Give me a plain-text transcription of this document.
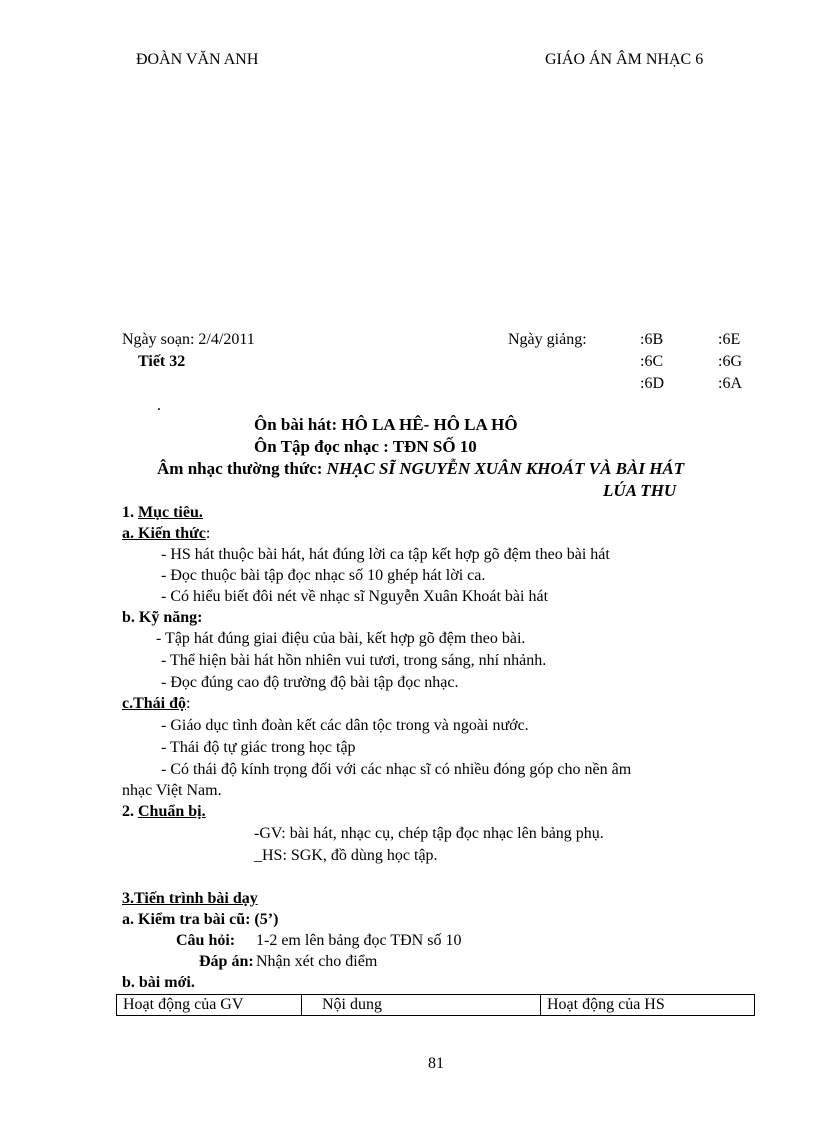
ĐOÀN VĂN ANH	GIÁO ÁN ÂM NHẠC 6
Ngày soạn: 2/4/2011
Tiết 32
Ngày giảng:	:6B	:6E
:6C	:6G
:6D	:6A
.
Ôn bài hát: HÔ LA HÊ- HÔ LA HÔ
Ôn Tập đọc nhạc : TĐN SỐ 10
Âm nhạc thường thức: NHẠC SĨ NGUYỄN XUÂN KHOÁT VÀ BÀI HÁT
LÚA THU
1. Mục tiêu.
a. Kiến thức:
- HS hát thuộc bài hát, hát đúng lời ca tập kết hợp gõ đệm theo bài hát
- Đọc thuộc bài tập đọc nhạc số 10 ghép hát lời ca.
- Có hiểu biết đôi nét về nhạc sĩ Nguyễn Xuân Khoát bài hát
b. Kỹ năng:
- Tập hát đúng giai điệu của bài, kết hợp gõ đệm theo bài.
- Thể hiện bài hát hồn nhiên vui tươi, trong sáng, nhí nhảnh.
- Đọc đúng cao độ trường độ bài tập đọc nhạc.
c.Thái độ:
- Giáo dục tình đoàn kết các dân tộc trong và ngoài nước.
- Thái độ tự giác trong học tập
- Có thái độ kính trọng đối với các nhạc sĩ có nhiều đóng góp cho nền âm
nhạc Việt Nam.
2. Chuẩn bị.
-GV: bài hát, nhạc cụ, chép tập đọc nhạc lên bảng phụ.
_HS: SGK, đồ dùng học tập.
3.Tiến trình bài dạy
a. Kiểm tra bài cũ: (5’)
Câu hỏi: 1-2 em lên bảng đọc TĐN số 10
Đáp án: Nhận xét cho điểm
b. bài mới.
Hoạt động của GV	Nội dung	Hoạt động của HS
81
